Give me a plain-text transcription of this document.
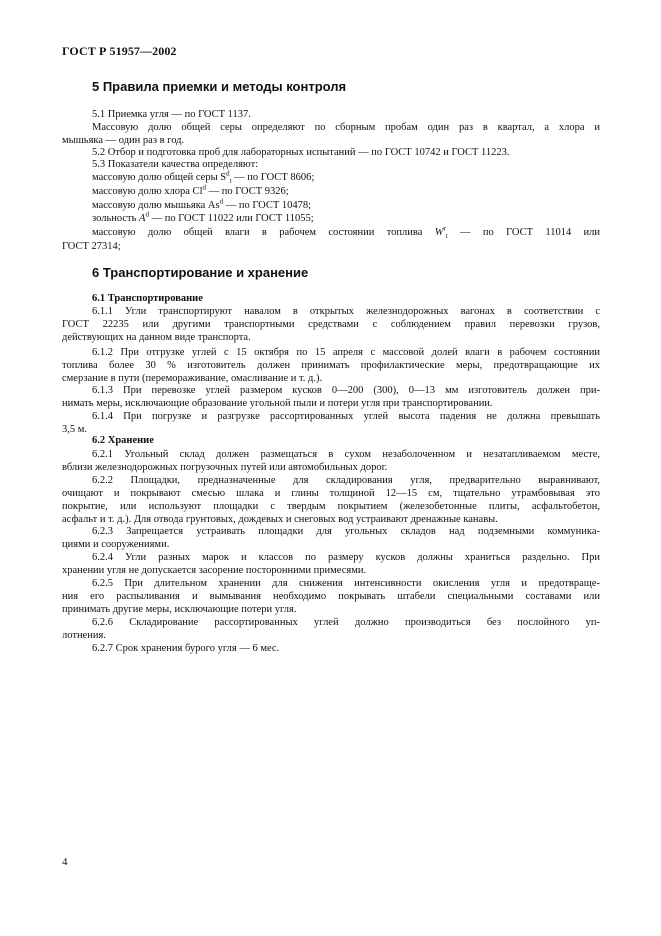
ГОСТ Р 51957—2002
5 Правила приемки и методы контроля
5.1 Приемка угля — по ГОСТ 1137.
Массовую долю общей серы определяют по сборным пробам один раз в квартал, а хлора и
мышьяка — один раз в год.
5.2 Отбор и подготовка проб для лабораторных испытаний — по ГОСТ 10742 и ГОСТ 11223.
5.3 Показатели качества определяют:
массовую долю общей серы $S^d_t$ — по ГОСТ 8606;
массовую долю хлора Cl$^d$ — по ГОСТ 9326;
массовую долю мышьяка As$^d$ — по ГОСТ 10478;
зольность $A^d$ — по ГОСТ 11022 или ГОСТ 11055;
массовую долю общей влаги в рабочем состоянии топлива $W^r_t$ — по ГОСТ 11014 или
ГОСТ 27314;
6 Транспортирование и хранение
6.1 Транспортирование
6.1.1 Угли транспортируют навалом в открытых железнодорожных вагонах в соответствии с
ГОСТ 22235 или другими транспортными средствами с соблюдением правил перевозки грузов,
действующих на данном виде транспорта.
6.1.2 При отгрузке углей с 15 октября по 15 апреля с массовой долей влаги в рабочем состоянии
топлива более 30 % изготовитель должен принимать профилактические меры, предотвращающие их
смерзание в пути (перемораживание, омасливание и т. д.).
6.1.3 При перевозке углей размером кусков 0—200 (300), 0—13 мм изготовитель должен при-
нимать меры, исключающие образование угольной пыли и потери угля при транспортировании.
6.1.4 При погрузке и разгрузке рассортированных углей высота падения не должна превышать
3,5 м.
6.2 Хранение
6.2.1 Угольный склад должен размещаться в сухом незаболоченном и незатапливаемом месте,
вблизи железнодорожных погрузочных путей или автомобильных дорог.
6.2.2 Площадки, предназначенные для складирования угля, предварительно выравнивают,
очищают и покрывают смесью шлака и глины толщиной 12—15 см, тщательно утрамбовывая это
покрытие, или используют площадки с твердым покрытием (железобетонные плиты, асфальтобетон,
асфальт и т. д.). Для отвода грунтовых, дождевых и снеговых вод устраивают дренажные канавы.
6.2.3 Запрещается устраивать площадки для угольных складов над подземными коммуника-
циями и сооружениями.
6.2.4 Угли разных марок и классов по размеру кусков должны храниться раздельно. При
хранении угля не допускается засорение посторонними примесями.
6.2.5 При длительном хранении для снижения интенсивности окисления угля и предотвраще-
ния его распыливания и вымывания необходимо покрывать штабели специальными составами или
принимать другие меры, исключающие потери угля.
6.2.6 Складирование рассортированных углей должно производиться без послойного уп-
лотнения.
6.2.7 Срок хранения бурого угля — 6 мес.
4
